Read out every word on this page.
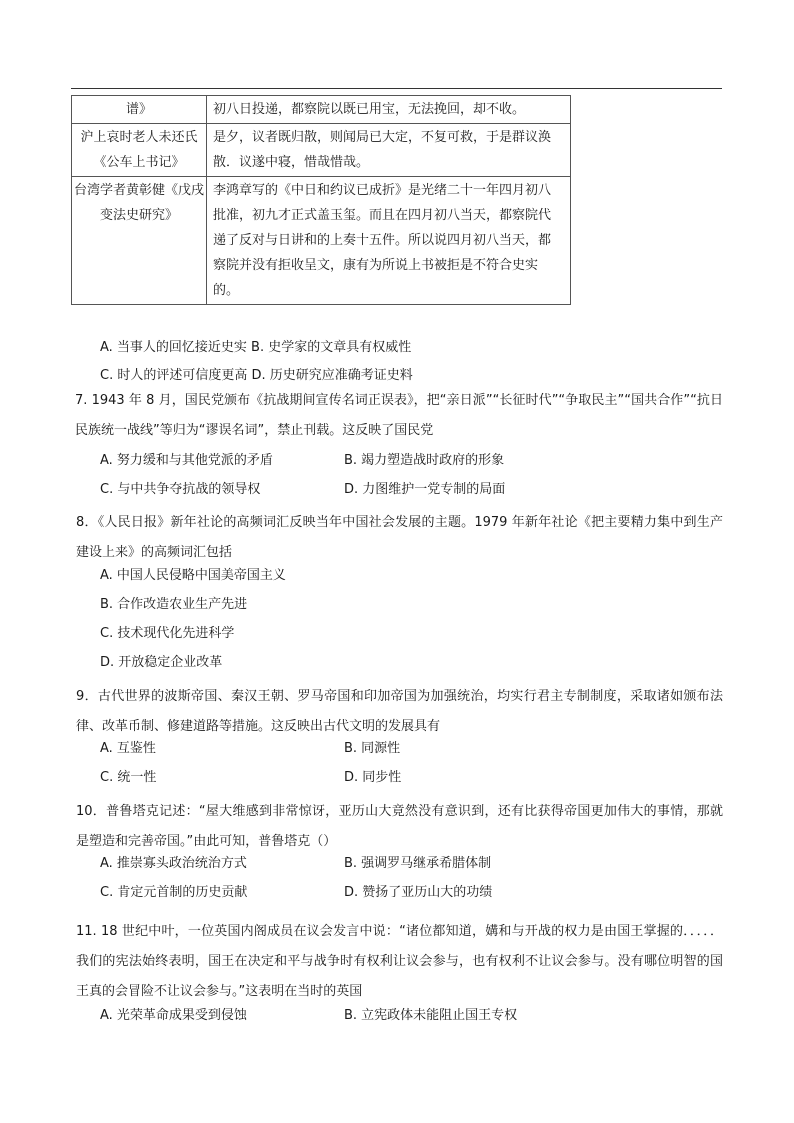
谱》	初八日投递，都察院以既已用宝，无法挽回，却不收。
沪上哀时老人未还氏《公车上书记》	是夕，议者既归散，则闻局已大定，不复可救，于是群议涣散．议遂中寝，惜哉惜哉。
台湾学者黄彰健《戊戌变法史研究》	李鸿章写的《中日和约议已成折》是光绪二十一年四月初八批准，初九才正式盖玉玺。而且在四月初八当天，都察院代递了反对与日讲和的上奏十五件。所以说四月初八当天，都察院并没有拒收呈文，康有为所说上书被拒是不符合史实的。
A. 当事人的回忆接近史实 B. 史学家的文章具有权威性
C. 时人的评述可信度更高 D. 历史研究应准确考证史料
7. 1943 年 8 月，国民党颁布《抗战期间宣传名词正误表》，把“亲日派”“长征时代”“争取民主”“国共合作”“抗日民族统一战线”等归为“谬误名词”，禁止刊载。这反映了国民党
A. 努力缓和与其他党派的矛盾	B. 竭力塑造战时政府的形象
C. 与中共争夺抗战的领导权	D. 力图维护一党专制的局面
8．《人民日报》新年社论的高频词汇反映当年中国社会发展的主题。1979 年新年社论《把主要精力集中到生产建设上来》的高频词汇包括
A. 中国人民侵略中国美帝国主义
B. 合作改造农业生产先进
C. 技术现代化先进科学
D. 开放稳定企业改革
9．古代世界的波斯帝国、秦汉王朝、罗马帝国和印加帝国为加强统治，均实行君主专制制度，采取诸如颁布法律、改革币制、修建道路等措施。这反映出古代文明的发展具有
A. 互鉴性	B. 同源性
C. 统一性	D. 同步性
10．普鲁塔克记述：“屋大维感到非常惊讶，亚历山大竟然没有意识到，还有比获得帝国更加伟大的事情，那就是塑造和完善帝国。”由此可知，普鲁塔克（）
A. 推崇寡头政治统治方式	B. 强调罗马继承希腊体制
C. 肯定元首制的历史贡献	D. 赞扬了亚历山大的功绩
11. 18 世纪中叶，一位英国内阁成员在议会发言中说：“诸位都知道，媾和与开战的权力是由国王掌握的．．．．．我们的宪法始终表明，国王在决定和平与战争时有权利让议会参与，也有权利不让议会参与。没有哪位明智的国王真的会冒险不让议会参与。”这表明在当时的英国
A. 光荣革命成果受到侵蚀	B. 立宪政体未能阻止国王专权
